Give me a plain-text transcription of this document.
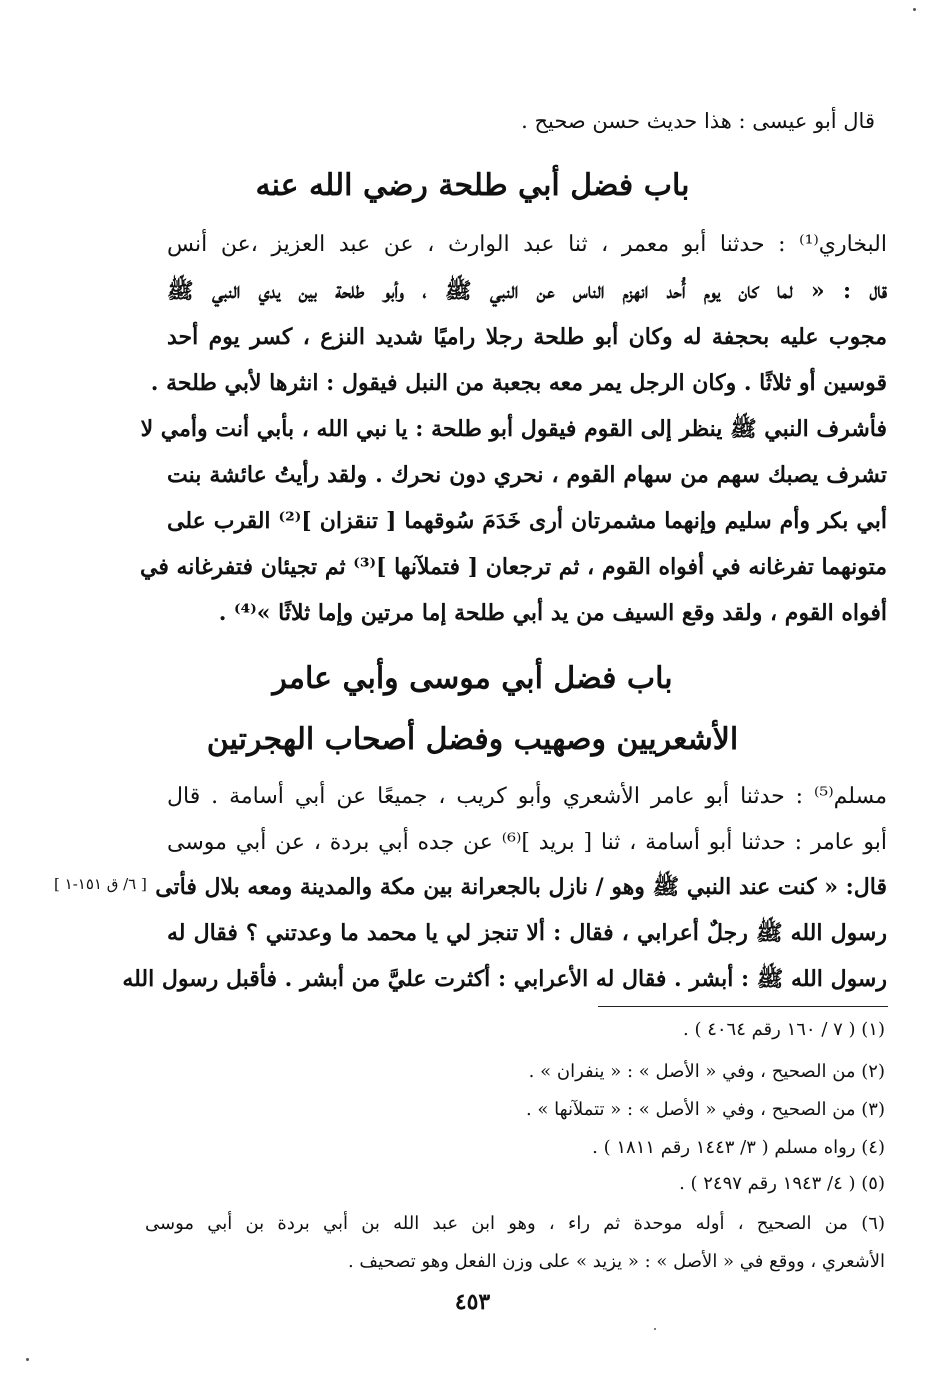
قال أبو عيسى : هذا حديث حسن صحيح .
باب فضل أبي طلحة رضي الله عنه
البخاري⁽¹⁾ : حدثنا أبو معمر ، ثنا عبد الوارث ، عن عبد العزيز ،عن أنس
قال : « لما كان يوم أُحد انهزم الناس عن النبي ﷺ ، وأبو طلحة بين يدي النبي ﷺ
مجوب عليه بحجفة له وكان أبو طلحة رجلا راميًا شديد النزع ، كسر يوم أحد
قوسين أو ثلاثًا . وكان الرجل يمر معه بجعبة من النبل فيقول : انثرها لأبي طلحة .
فأشرف النبي ﷺ ينظر إلى القوم فيقول أبو طلحة : يا نبي الله ، بأبي أنت وأمي لا
تشرف يصبك سهم من سهام القوم ، نحري دون نحرك . ولقد رأيتُ عائشة بنت
أبي بكر وأم سليم وإنهما مشمرتان أرى خَدَمَ سُوقهما [ تنقزان ]⁽²⁾ القرب على
متونهما تفرغانه في أفواه القوم ، ثم ترجعان [ فتملآنها ]⁽³⁾ ثم تجيئان فتفرغانه في
أفواه القوم ، ولقد وقع السيف من يد أبي طلحة إما مرتين وإما ثلاثًا »⁽⁴⁾ .
باب فضل أبي موسى وأبي عامر
الأشعريين وصهيب وفضل أصحاب الهجرتين
مسلم⁽⁵⁾ : حدثنا أبو عامر الأشعري وأبو كريب ، جميعًا عن أبي أسامة . قال
أبو عامر : حدثنا أبو أسامة ، ثنا [ بريد ]⁽⁶⁾ عن جده أبي بردة ، عن أبي موسى
قال: « كنت عند النبي ﷺ وهو / نازل بالجعرانة بين مكة والمدينة ومعه بلال فأتى
رسول الله ﷺ رجلٌ أعرابي ، فقال : ألا تنجز لي يا محمد ما وعدتني ؟ فقال له
رسول الله ﷺ : أبشر . فقال له الأعرابي : أكثرت عليَّ من أبشر . فأقبل رسول الله
[ ٦/ ق ١٥١-١ ]
(١) ( ٧ / ١٦٠ رقم ٤٠٦٤ ) .
(٢) من الصحيح ، وفي « الأصل » : « ينفران » .
(٣) من الصحيح ، وفي « الأصل » : « تتملآنها » .
(٤) رواه مسلم ( ٣/ ١٤٤٣ رقم ١٨١١ ) .
(٥) ( ٤/ ١٩٤٣ رقم ٢٤٩٧ ) .
(٦) من الصحيح ، أوله موحدة ثم راء ، وهو ابن عبد الله بن أبي بردة بن أبي موسى
الأشعري ، ووقع في « الأصل » : « يزيد » على وزن الفعل وهو تصحيف .
٤٥٣
